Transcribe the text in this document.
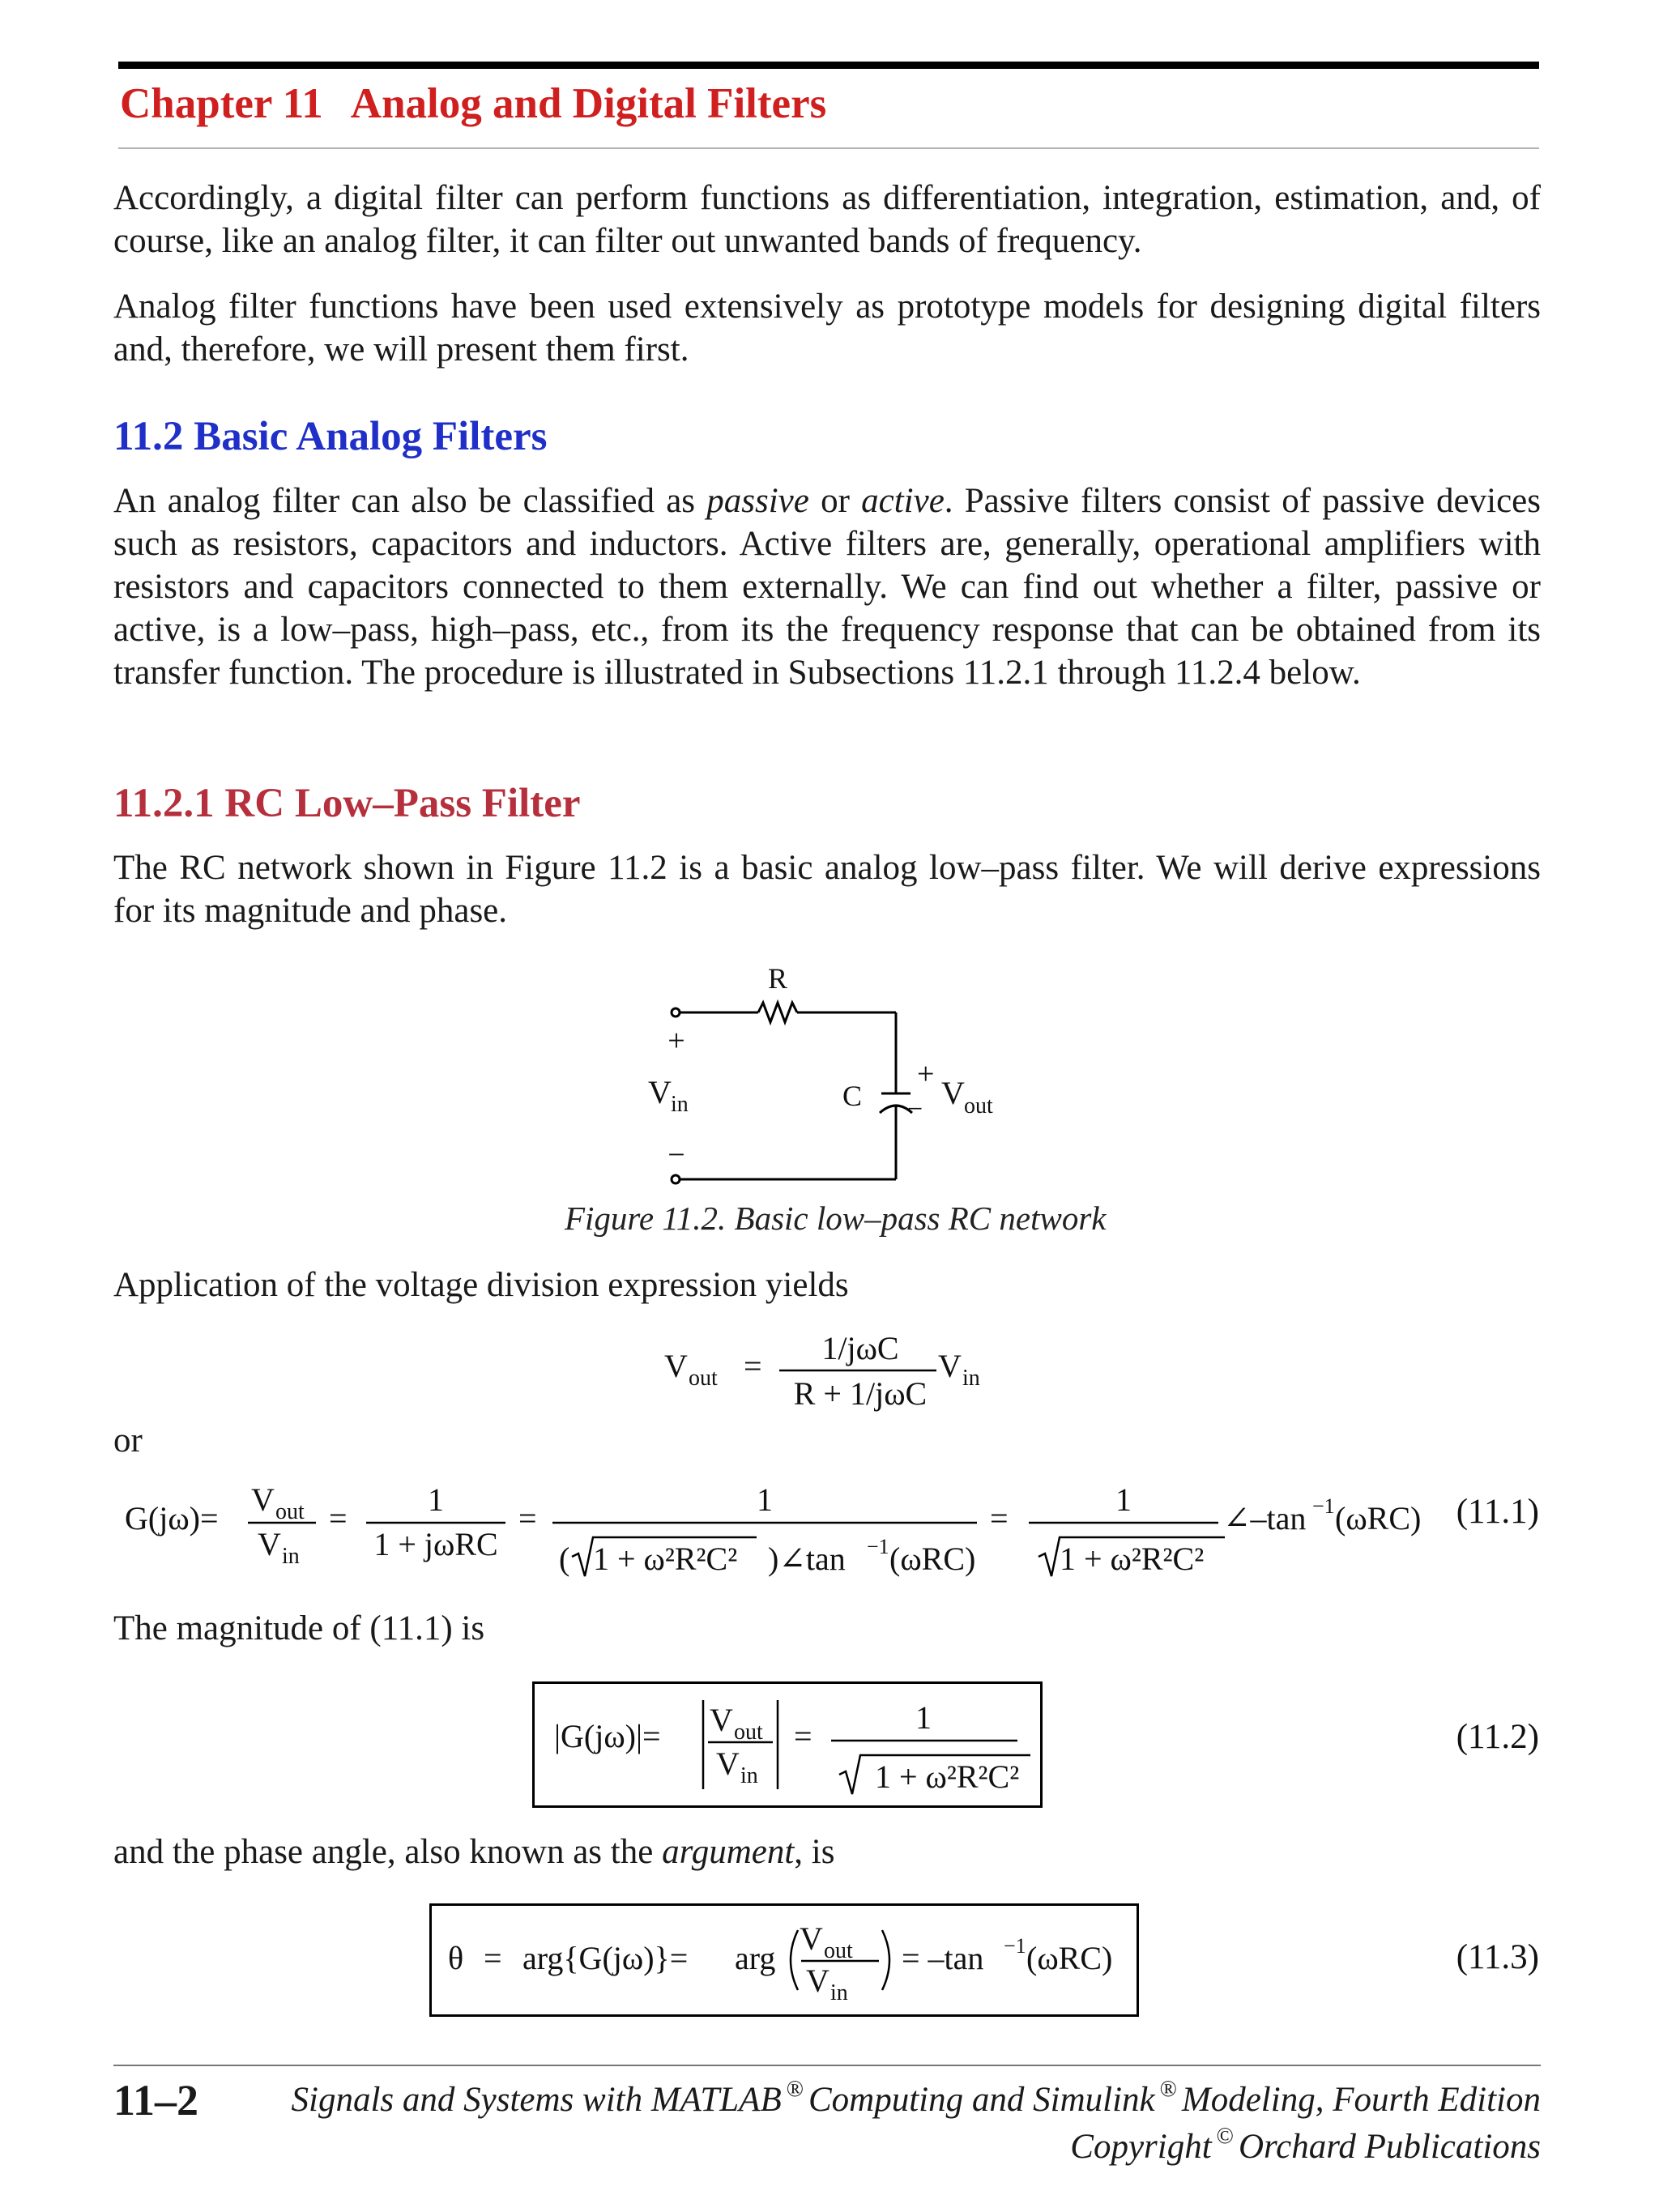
Chapter 11 Analog and Digital Filters

Accordingly, a digital filter can perform functions as differentiation, integration, estimation, and, of course, like an analog filter, it can filter out unwanted bands of frequency.

Analog filter functions have been used extensively as prototype models for designing digital filters and, therefore, we will present them first.

11.2 Basic Analog Filters

An analog filter can also be classified as passive or active. Passive filters consist of passive devices such as resistors, capacitors and inductors. Active filters are, generally, operational amplifiers with resistors and capacitors connected to them externally. We can find out whether a filter, passive or active, is a low–pass, high–pass, etc., from its the frequency response that can be obtained from its transfer function. The procedure is illustrated in Subsections 11.2.1 through 11.2.4 below.

11.2.1 RC Low–Pass Filter

The RC network shown in Figure 11.2 is a basic analog low–pass filter. We will derive expressions for its magnitude and phase.

R
+
V in
−
C
+
− V out
Figure 11.2. Basic low–pass RC network

Application of the voltage division expression yields

V out = 1/jωC
R + 1/jωC
V in

or

G(jω)=
V out
V in
=
1
1 + jωRC
=
1
( 1 + ω²R²C² )∠tan −1 (ωRC)
=
1
1 + ω²R²C²
∠–tan −1 (ωRC) (11.1)

The magnitude of (11.1) is

|G(jω)|= V out
V in
=
1
1 + ω²R²C²
(11.2)

and the phase angle, also known as the argument, is

θ = arg{G(jω)}= arg
V out
V in
= –tan −1 (ωRC)	(11.3)
11–2	Signals and Systems with MATLAB ® Computing and Simulink ® Modeling, Fourth Edition
Copyright © Orchard Publications
